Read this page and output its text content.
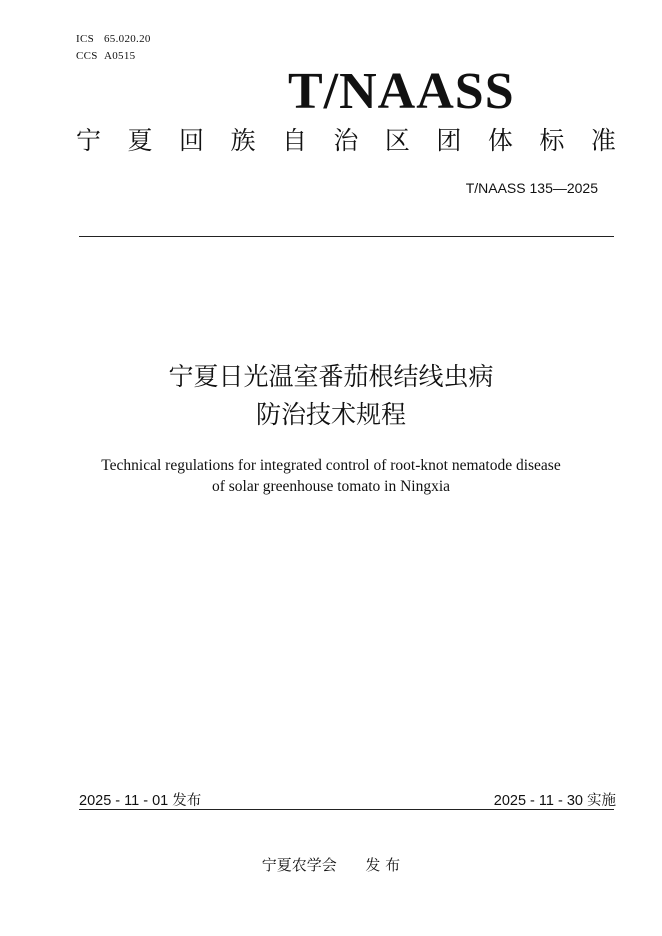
ICS 65.020.20
CCS A0515
T/NAASS
宁 夏 回 族 自 治 区 团 体 标 准
T/NAASS 135—2025
宁夏日光温室番茄根结线虫病
防治技术规程
Technical regulations for integrated control of root-knot nematode disease
of solar greenhouse tomato in Ningxia
2025 - 11 - 01 发布	2025 - 11 - 30 实施
宁夏农学会      发 布
